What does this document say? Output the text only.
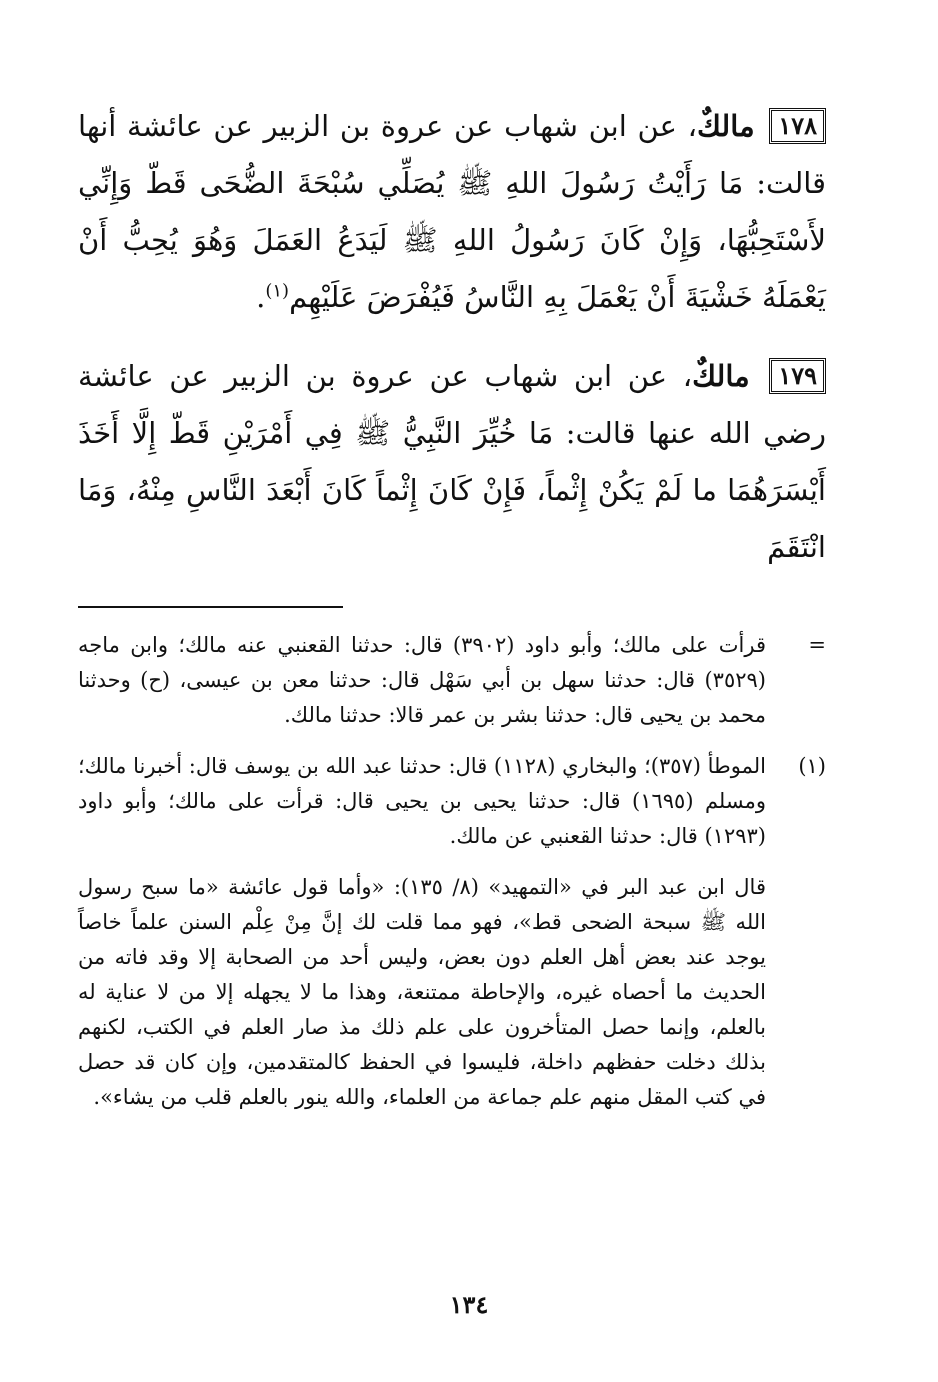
١٧٨ مالكٌ، عن ابن شهاب عن عروة بن الزبير عن عائشة أنها قالت: مَا رَأَيْتُ رَسُولَ اللهِ ﷺ يُصَلِّي سُبْحَةَ الضُّحَى قَطّ وَإِنِّي لأَسْتَحِبُّهَا، وَإِنْ كَانَ رَسُولُ اللهِ ﷺ لَيَدَعُ العَمَلَ وَهُوَ يُحِبُّ أَنْ يَعْمَلَهُ خَشْيَةَ أَنْ يَعْمَلَ بِهِ النَّاسُ فَيُفْرَضَ عَلَيْهِم$^{(١)}$.

١٧٩ مالكٌ، عن ابن شهاب عن عروة بن الزبير عن عائشة رضي الله عنها قالت: مَا خُيِّرَ النَّبِيُّ ﷺ فِي أَمْرَيْنِ قَطّ إِلَّا أَخَذَ أَيْسَرَهُمَا ما لَمْ يَكُنْ إِثْماً، فَإِنْ كَانَ إِثْماً كَانَ أَبْعَدَ النَّاسِ مِنْهُ، وَمَا انْتَقَمَ

=
قرأت على مالك؛ وأبو داود (٣٩٠٢) قال: حدثنا القعنبي عنه مالك؛ وابن ماجه (٣٥٢٩) قال: حدثنا سهل بن أبي سَهْل قال: حدثنا معن بن عيسى، (ح) وحدثنا محمد بن يحيى قال: حدثنا بشر بن عمر قالا: حدثنا مالك.
(١)
الموطأ (٣٥٧)؛ والبخاري (١١٢٨) قال: حدثنا عبد الله بن يوسف قال: أخبرنا مالك؛ ومسلم (١٦٩٥) قال: حدثنا يحيى بن يحيى قال: قرأت على مالك؛ وأبو داود (١٢٩٣) قال: حدثنا القعنبي عن مالك.
قال ابن عبد البر في «التمهيد» (٨/ ١٣٥): «وأما قول عائشة «ما سبح رسول الله ﷺ سبحة الضحى قط»، فهو مما قلت لك إنَّ مِنْ عِلْم السنن علماً خاصاً يوجد عند بعض أهل العلم دون بعض، وليس أحد من الصحابة إلا وقد فاته من الحديث ما أحصاه غيره، والإحاطة ممتنعة، وهذا ما لا يجهله إلا من لا عناية له بالعلم، وإنما حصل المتأخرون على علم ذلك مذ صار العلم في الكتب، لكنهم بذلك دخلت حفظهم داخلة، فليسوا في الحفظ كالمتقدمين، وإن كان قد حصل في كتب المقل منهم علم جماعة من العلماء، والله ينور بالعلم قلب من يشاء».
١٣٤
